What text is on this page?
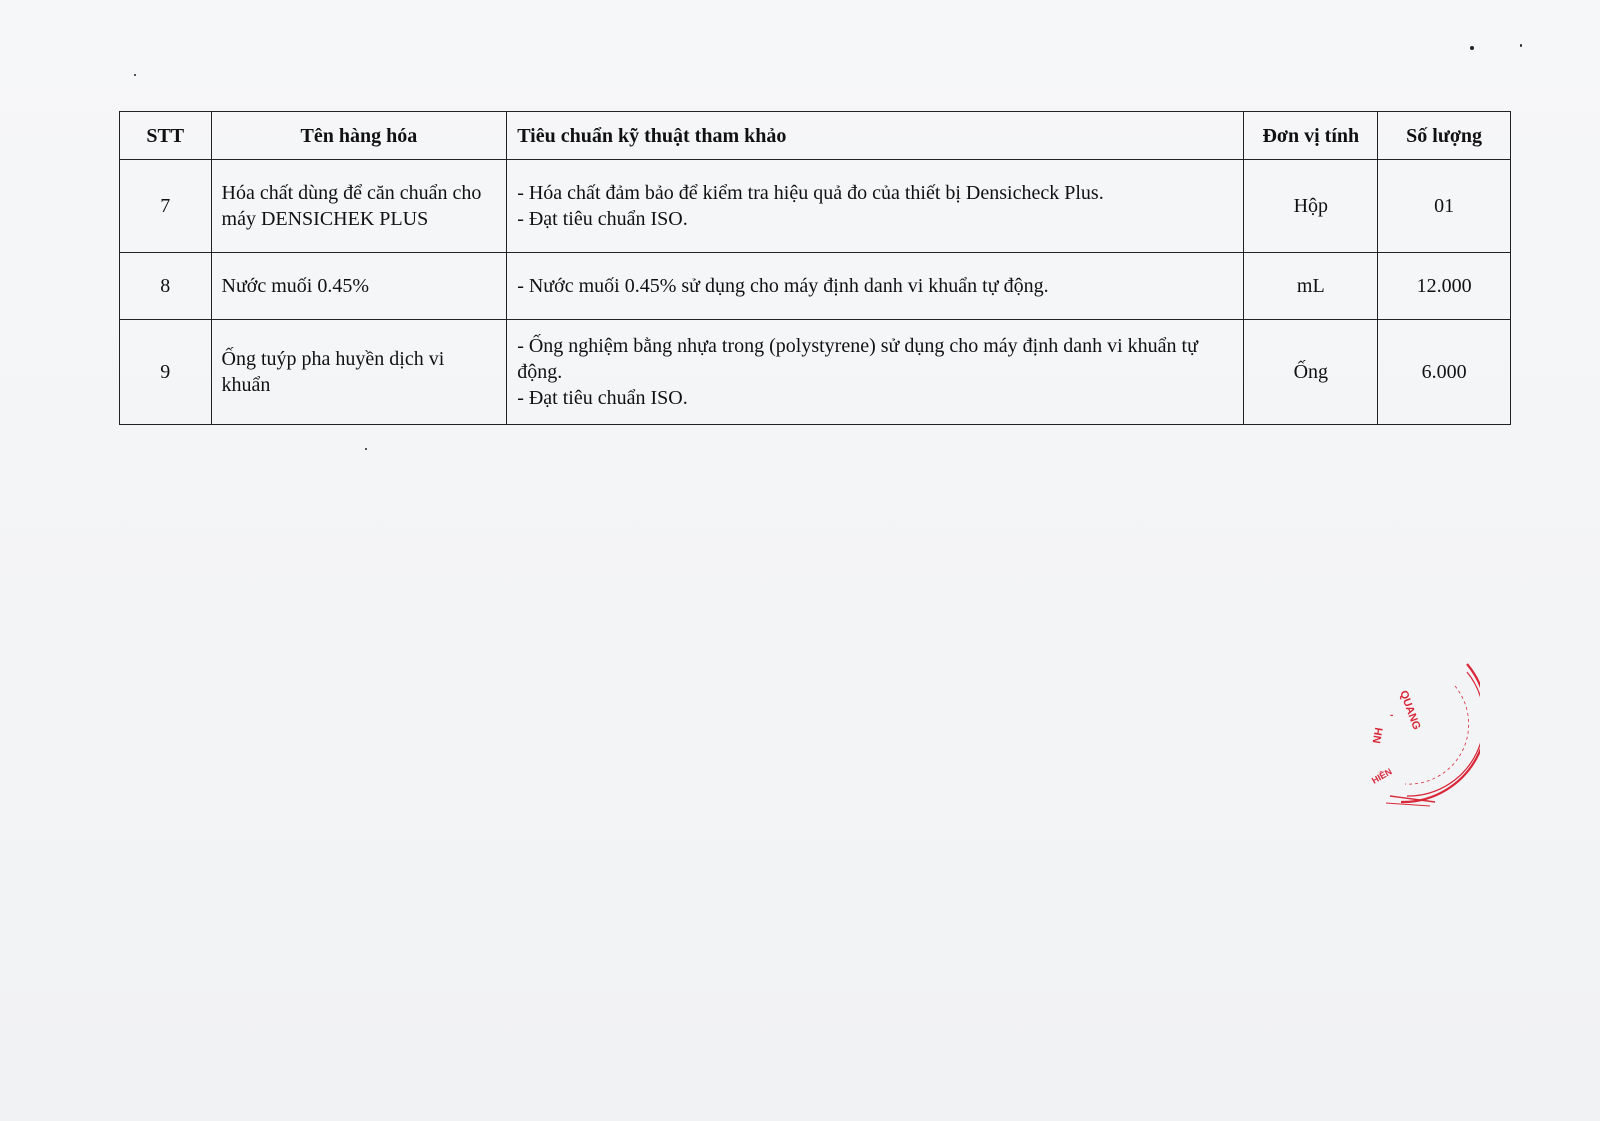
STT	Tên hàng hóa	Tiêu chuẩn kỹ thuật tham khảo	Đơn vị tính	Số lượng
7	Hóa chất dùng để căn chuẩn cho máy DENSICHEK PLUS	- Hóa chất đảm bảo để kiểm tra hiệu quả đo của thiết bị Densicheck Plus.
- Đạt tiêu chuẩn ISO.	Hộp	01
8	Nước muối 0.45%	- Nước muối 0.45% sử dụng cho máy định danh vi khuẩn tự động.	mL	12.000
9	Ống tuýp pha huyền dịch vi khuẩn	- Ống nghiệm bằng nhựa trong (polystyrene) sử dụng cho máy định danh vi khuẩn tự động.
- Đạt tiêu chuẩn ISO.	Ống	6.000
QUANG
NH
HIỀN
-
